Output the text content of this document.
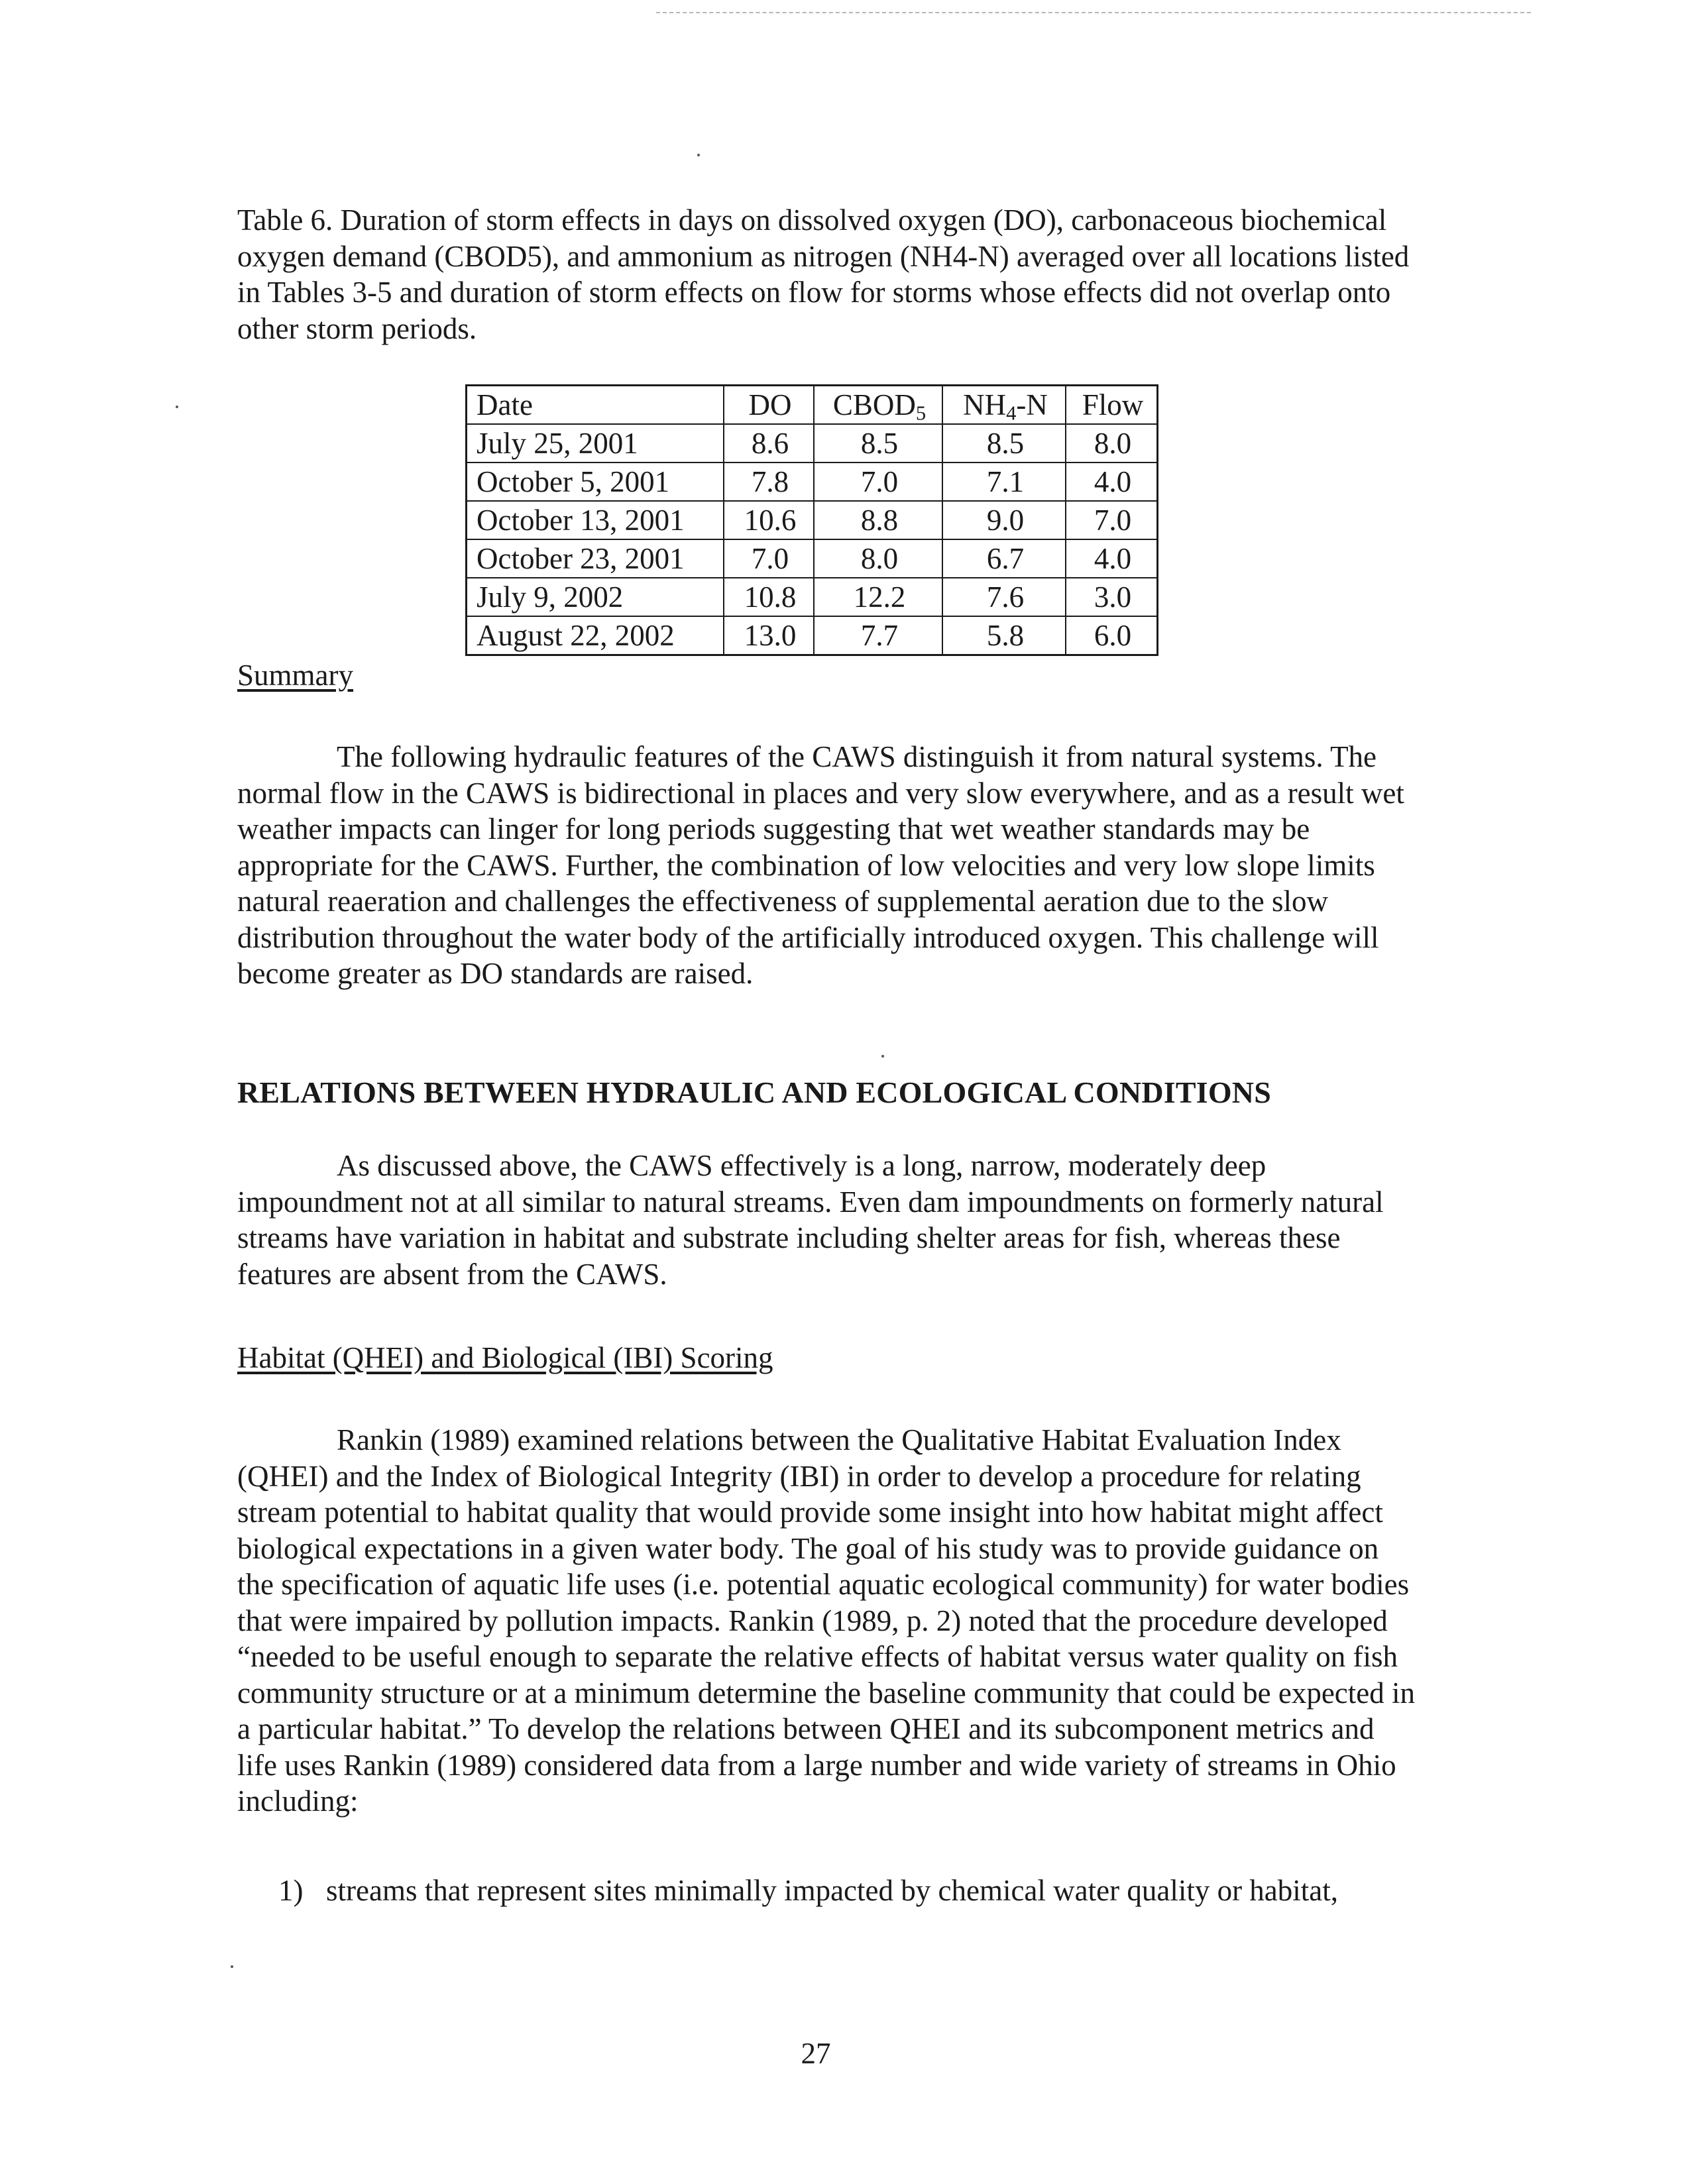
Table 6. Duration of storm effects in days on dissolved oxygen (DO), carbonaceous biochemical oxygen demand (CBOD5), and ammonium as nitrogen (NH4-N) averaged over all locations listed in Tables 3-5 and duration of storm effects on flow for storms whose effects did not overlap onto other storm periods.
Date	DO	$CBOD_5$	$NH_4-N$	Flow
July 25, 2001	8.6	8.5	8.5	8.0
October 5, 2001	7.8	7.0	7.1	4.0
October 13, 2001	10.6	8.8	9.0	7.0
October 23, 2001	7.0	8.0	6.7	4.0
July 9, 2002	10.8	12.2	7.6	3.0
August 22, 2002	13.0	7.7	5.8	6.0
Summary
The following hydraulic features of the CAWS distinguish it from natural systems. The normal flow in the CAWS is bidirectional in places and very slow everywhere, and as a result wet weather impacts can linger for long periods suggesting that wet weather standards may be appropriate for the CAWS. Further, the combination of low velocities and very low slope limits natural reaeration and challenges the effectiveness of supplemental aeration due to the slow distribution throughout the water body of the artificially introduced oxygen. This challenge will become greater as DO standards are raised.
RELATIONS BETWEEN HYDRAULIC AND ECOLOGICAL CONDITIONS
As discussed above, the CAWS effectively is a long, narrow, moderately deep impoundment not at all similar to natural streams. Even dam impoundments on formerly natural streams have variation in habitat and substrate including shelter areas for fish, whereas these features are absent from the CAWS.
Habitat (QHEI) and Biological (IBI) Scoring
Rankin (1989) examined relations between the Qualitative Habitat Evaluation Index (QHEI) and the Index of Biological Integrity (IBI) in order to develop a procedure for relating stream potential to habitat quality that would provide some insight into how habitat might affect biological expectations in a given water body. The goal of his study was to provide guidance on the specification of aquatic life uses (i.e. potential aquatic ecological community) for water bodies that were impaired by pollution impacts. Rankin (1989, p. 2) noted that the procedure developed “needed to be useful enough to separate the relative effects of habitat versus water quality on fish community structure or at a minimum determine the baseline community that could be expected in a particular habitat.” To develop the relations between QHEI and its subcomponent metrics and life uses Rankin (1989) considered data from a large number and wide variety of streams in Ohio including:
1) streams that represent sites minimally impacted by chemical water quality or habitat,
27
